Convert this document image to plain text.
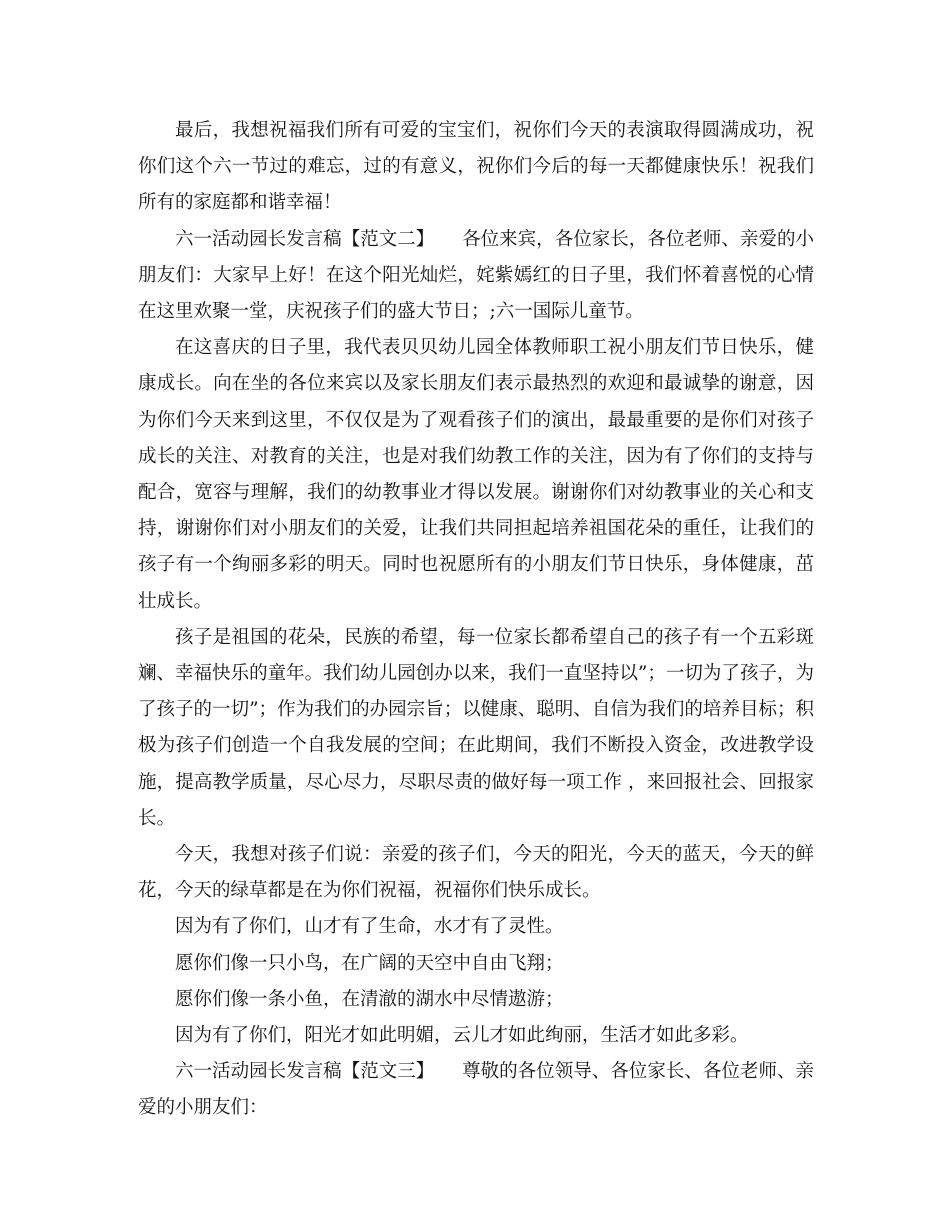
最后，我想祝福我们所有可爱的宝宝们，祝你们今天的表演取得圆满成功，祝你们这个六一节过的难忘，过的有意义，祝你们今后的每一天都健康快乐！祝我们所有的家庭都和谐幸福！

六一活动园长发言稿【范文二】　　各位来宾，各位家长，各位老师、亲爱的小朋友们：大家早上好！在这个阳光灿烂，姹紫嫣红的日子里，我们怀着喜悦的心情在这里欢聚一堂，庆祝孩子们的盛大节日；;六一国际儿童节。

在这喜庆的日子里，我代表贝贝幼儿园全体教师职工祝小朋友们节日快乐，健康成长。向在坐的各位来宾以及家长朋友们表示最热烈的欢迎和最诚挚的谢意，因为你们今天来到这里，不仅仅是为了观看孩子们的演出，最最重要的是你们对孩子成长的关注、对教育的关注，也是对我们幼教工作的关注，因为有了你们的支持与配合，宽容与理解，我们的幼教事业才得以发展。谢谢你们对幼教事业的关心和支持，谢谢你们对小朋友们的关爱，让我们共同担起培养祖国花朵的重任，让我们的孩子有一个绚丽多彩的明天。同时也祝愿所有的小朋友们节日快乐，身体健康，茁壮成长。

孩子是祖国的花朵，民族的希望，每一位家长都希望自己的孩子有一个五彩斑斓、幸福快乐的童年。我们幼儿园创办以来，我们一直坚持以”；一切为了孩子，为了孩子的一切”；作为我们的办园宗旨；以健康、聪明、自信为我们的培养目标；积极为孩子们创造一个自我发展的空间；在此期间，我们不断投入资金，改进教学设施，提高教学质量，尽心尽力，尽职尽责的做好每一项工作 ，来回报社会、回报家长。

今天，我想对孩子们说：亲爱的孩子们，今天的阳光，今天的蓝天，今天的鲜花，今天的绿草都是在为你们祝福，祝福你们快乐成长。

因为有了你们，山才有了生命，水才有了灵性。

愿你们像一只小鸟，在广阔的天空中自由飞翔；

愿你们像一条小鱼，在清澈的湖水中尽情遨游；

因为有了你们，阳光才如此明媚，云儿才如此绚丽，生活才如此多彩。

六一活动园长发言稿【范文三】　　尊敬的各位领导、各位家长、各位老师、亲爱的小朋友们：
